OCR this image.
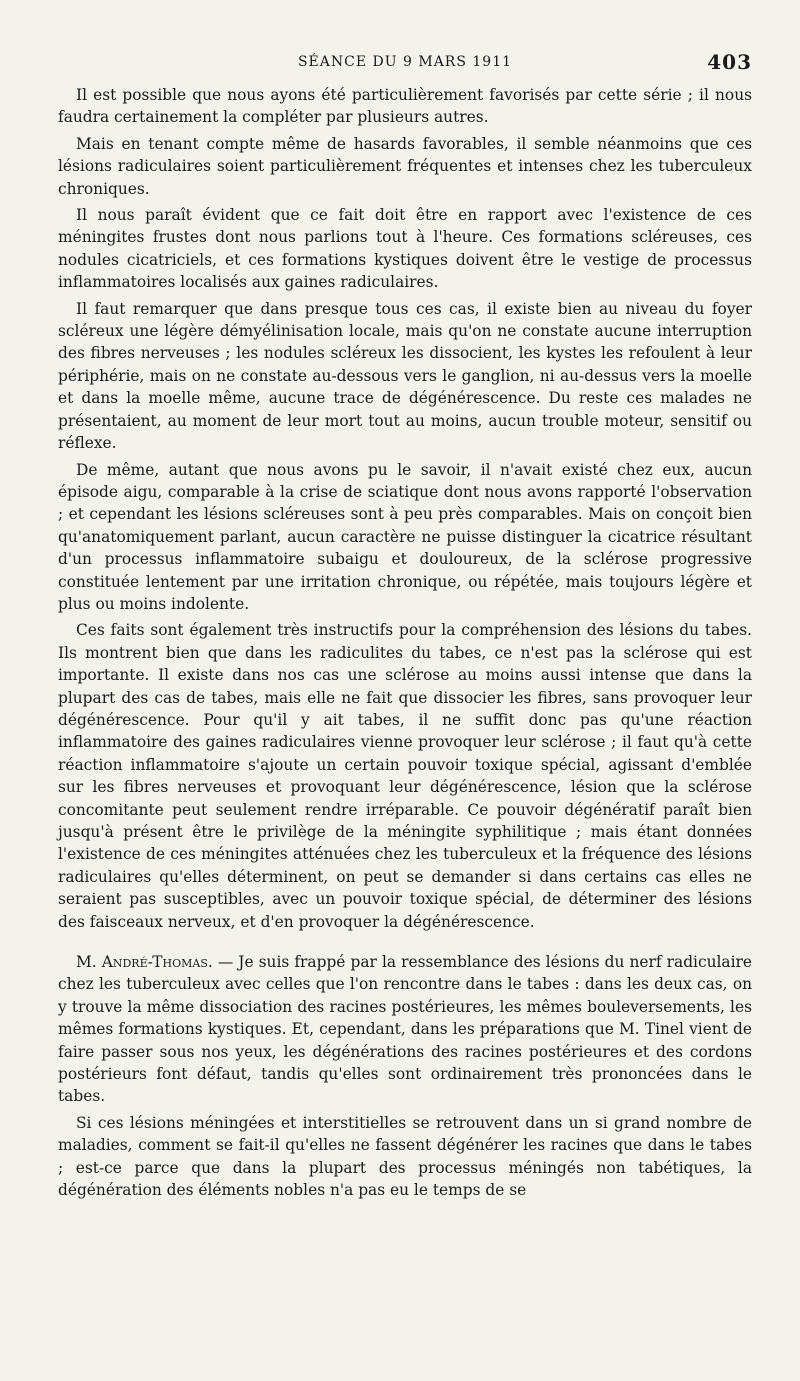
SÉANCE DU 9 MARS 1911	403

Il est possible que nous ayons été particulièrement favorisés par cette série ; il nous faudra certainement la compléter par plusieurs autres.

Mais en tenant compte même de hasards favorables, il semble néanmoins que ces lésions radiculaires soient particulièrement fréquentes et intenses chez les tuberculeux chroniques.

Il nous paraît évident que ce fait doit être en rapport avec l'existence de ces méningites frustes dont nous parlions tout à l'heure. Ces formations scléreuses, ces nodules cicatriciels, et ces formations kystiques doivent être le vestige de processus inflammatoires localisés aux gaines radiculaires.

Il faut remarquer que dans presque tous ces cas, il existe bien au niveau du foyer scléreux une légère démyélinisation locale, mais qu'on ne constate aucune interruption des fibres nerveuses ; les nodules scléreux les dissocient, les kystes les refoulent à leur périphérie, mais on ne constate au-dessous vers le ganglion, ni au-dessus vers la moelle et dans la moelle même, aucune trace de dégénérescence. Du reste ces malades ne présentaient, au moment de leur mort tout au moins, aucun trouble moteur, sensitif ou réflexe.

De même, autant que nous avons pu le savoir, il n'avait existé chez eux, aucun épisode aigu, comparable à la crise de sciatique dont nous avons rapporté l'observation ; et cependant les lésions scléreuses sont à peu près comparables. Mais on conçoit bien qu'anatomiquement parlant, aucun caractère ne puisse distinguer la cicatrice résultant d'un processus inflammatoire subaigu et douloureux, de la sclérose progressive constituée lentement par une irritation chronique, ou répétée, mais toujours légère et plus ou moins indolente.

Ces faits sont également très instructifs pour la compréhension des lésions du tabes. Ils montrent bien que dans les radiculites du tabes, ce n'est pas la sclérose qui est importante. Il existe dans nos cas une sclérose au moins aussi intense que dans la plupart des cas de tabes, mais elle ne fait que dissocier les fibres, sans provoquer leur dégénérescence. Pour qu'il y ait tabes, il ne suffit donc pas qu'une réaction inflammatoire des gaines radiculaires vienne provoquer leur sclérose ; il faut qu'à cette réaction inflammatoire s'ajoute un certain pouvoir toxique spécial, agissant d'emblée sur les fibres nerveuses et provoquant leur dégénérescence, lésion que la sclérose concomitante peut seulement rendre irréparable. Ce pouvoir dégénératif paraît bien jusqu'à présent être le privilège de la méningite syphilitique ; mais étant données l'existence de ces méningites atténuées chez les tuberculeux et la fréquence des lésions radiculaires qu'elles déterminent, on peut se demander si dans certains cas elles ne seraient pas susceptibles, avec un pouvoir toxique spécial, de déterminer des lésions des faisceaux nerveux, et d'en provoquer la dégénérescence.

M. André-Thomas. — Je suis frappé par la ressemblance des lésions du nerf radiculaire chez les tuberculeux avec celles que l'on rencontre dans le tabes : dans les deux cas, on y trouve la même dissociation des racines postérieures, les mêmes bouleversements, les mêmes formations kystiques. Et, cependant, dans les préparations que M. Tinel vient de faire passer sous nos yeux, les dégénérations des racines postérieures et des cordons postérieurs font défaut, tandis qu'elles sont ordinairement très prononcées dans le tabes.

Si ces lésions méningées et interstitielles se retrouvent dans un si grand nombre de maladies, comment se fait-il qu'elles ne fassent dégénérer les racines que dans le tabes ; est-ce parce que dans la plupart des processus méningés non tabétiques, la dégénération des éléments nobles n'a pas eu le temps de se
